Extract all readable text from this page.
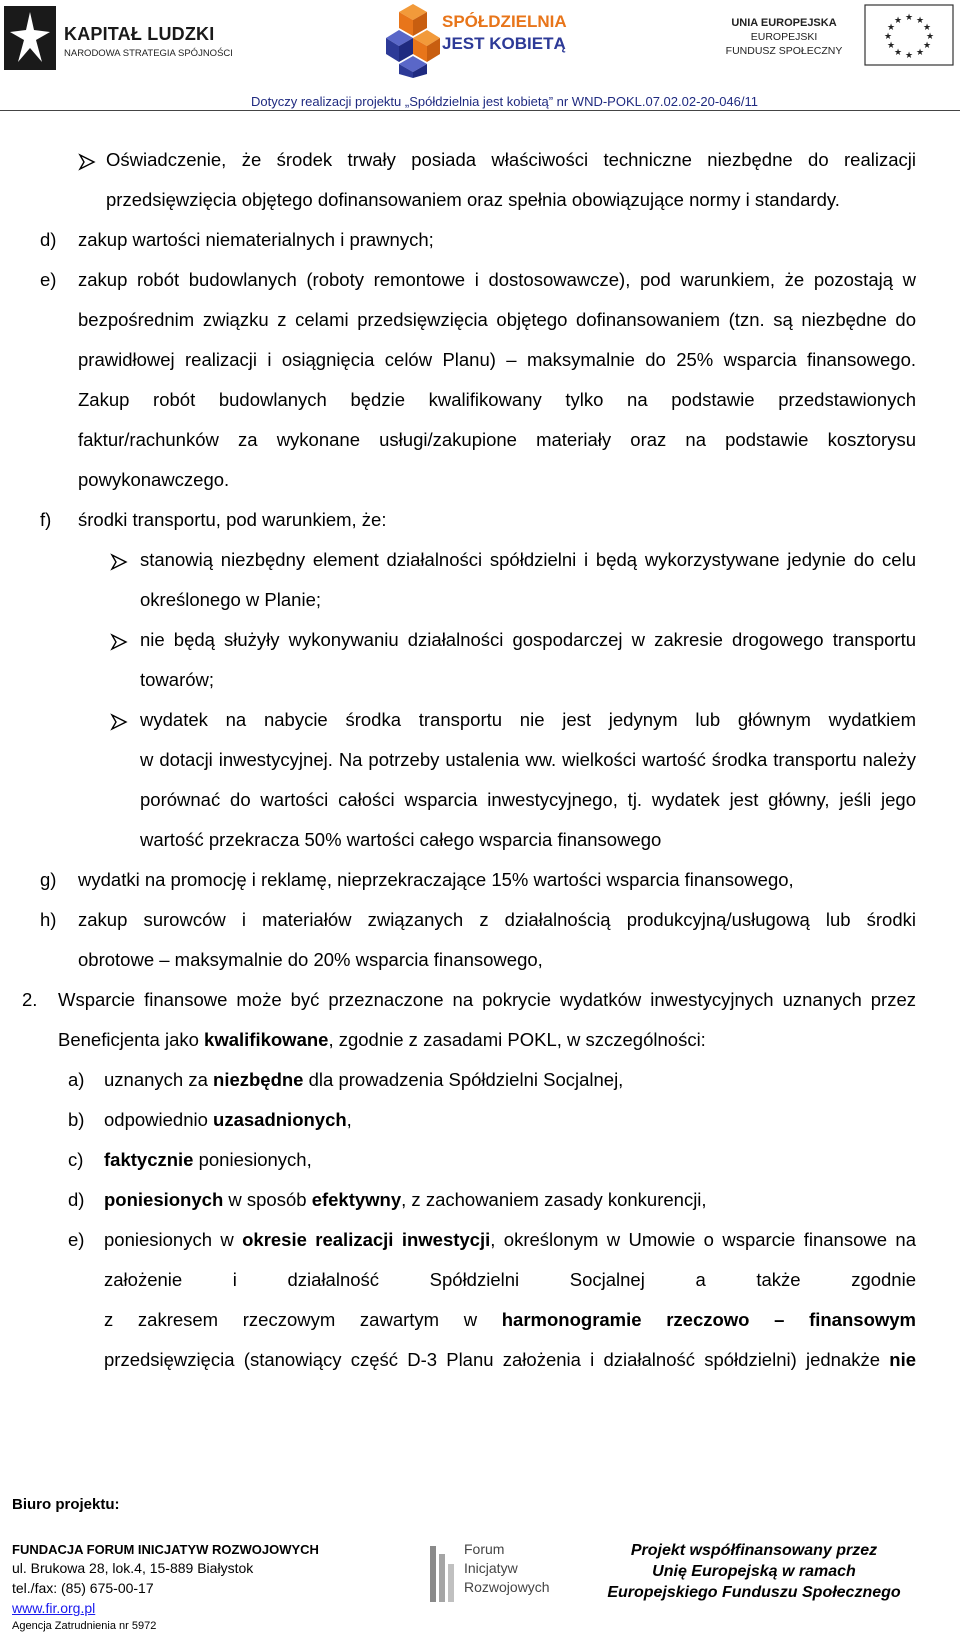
KAPITAŁ LUDZKI
NARODOWA STRATEGIA SPÓJNOŚCI
SPÓŁDZIELNIA
JEST KOBIETĄ
UNIA EUROPEJSKA
EUROPEJSKI
FUNDUSZ SPOŁECZNY
★ ★
★
★
★
★
★
★
★
★
★
★
Dotyczy realizacji projektu „Spółdzielnia jest kobietą” nr WND-POKL.07.02.02-20-046/11
Oświadczenie, że środek trwały posiada właściwości techniczne niezbędne do realizacji
przedsięwzięcia objętego dofinansowaniem oraz spełnia obowiązujące normy i standardy.
d) zakup wartości niematerialnych i prawnych;
e) zakup robót budowlanych (roboty remontowe i dostosowawcze), pod warunkiem, że pozostają w
bezpośrednim związku z celami przedsięwzięcia objętego dofinansowaniem (tzn. są niezbędne do
prawidłowej realizacji i osiągnięcia celów Planu) – maksymalnie do 25% wsparcia finansowego.
Zakup robót budowlanych będzie kwalifikowany tylko na podstawie przedstawionych
faktur/rachunków za wykonane usługi/zakupione materiały oraz na podstawie kosztorysu
powykonawczego.
f) środki transportu, pod warunkiem, że:
stanowią niezbędny element działalności spółdzielni i będą wykorzystywane jedynie do celu
określonego w Planie;
nie będą służyły wykonywaniu działalności gospodarczej w zakresie drogowego transportu
towarów;
wydatek na nabycie środka transportu nie jest jedynym lub głównym wydatkiem
w dotacji inwestycyjnej. Na potrzeby ustalenia ww. wielkości wartość środka transportu należy
porównać do wartości całości wsparcia inwestycyjnego, tj. wydatek jest główny, jeśli jego
wartość przekracza 50% wartości całego wsparcia finansowego
g) wydatki na promocję i reklamę, nieprzekraczające 15% wartości wsparcia finansowego,
h) zakup surowców i materiałów związanych z działalnością produkcyjną/usługową lub środki
obrotowe – maksymalnie do 20% wsparcia finansowego,
2. Wsparcie finansowe może być przeznaczone na pokrycie wydatków inwestycyjnych uznanych przez
Beneficjenta jako kwalifikowane, zgodnie z zasadami POKL, w szczególności:
a) uznanych za niezbędne dla prowadzenia Spółdzielni Socjalnej,
b) odpowiednio uzasadnionych,
c) faktycznie poniesionych,
d) poniesionych w sposób efektywny, z zachowaniem zasady konkurencji,
e) poniesionych w okresie realizacji inwestycji, określonym w Umowie o wsparcie finansowe na
założenie i działalność Spółdzielni Socjalnej a także zgodnie
z zakresem rzeczowym zawartym w harmonogramie rzeczowo – finansowym
przedsięwzięcia (stanowiący część D-3 Planu założenia i działalność spółdzielni) jednakże nie
Biuro projektu:
FUNDACJA FORUM INICJATYW ROZWOJOWYCH
ul. Brukowa 28, lok.4, 15-889 Białystok
tel./fax: (85) 675-00-17
www.fir.org.pl
Agencja Zatrudnienia nr 5972
Forum
Inicjatyw
Rozwojowych
Projekt współfinansowany przez
Unię Europejską w ramach
Europejskiego Funduszu Społecznego
